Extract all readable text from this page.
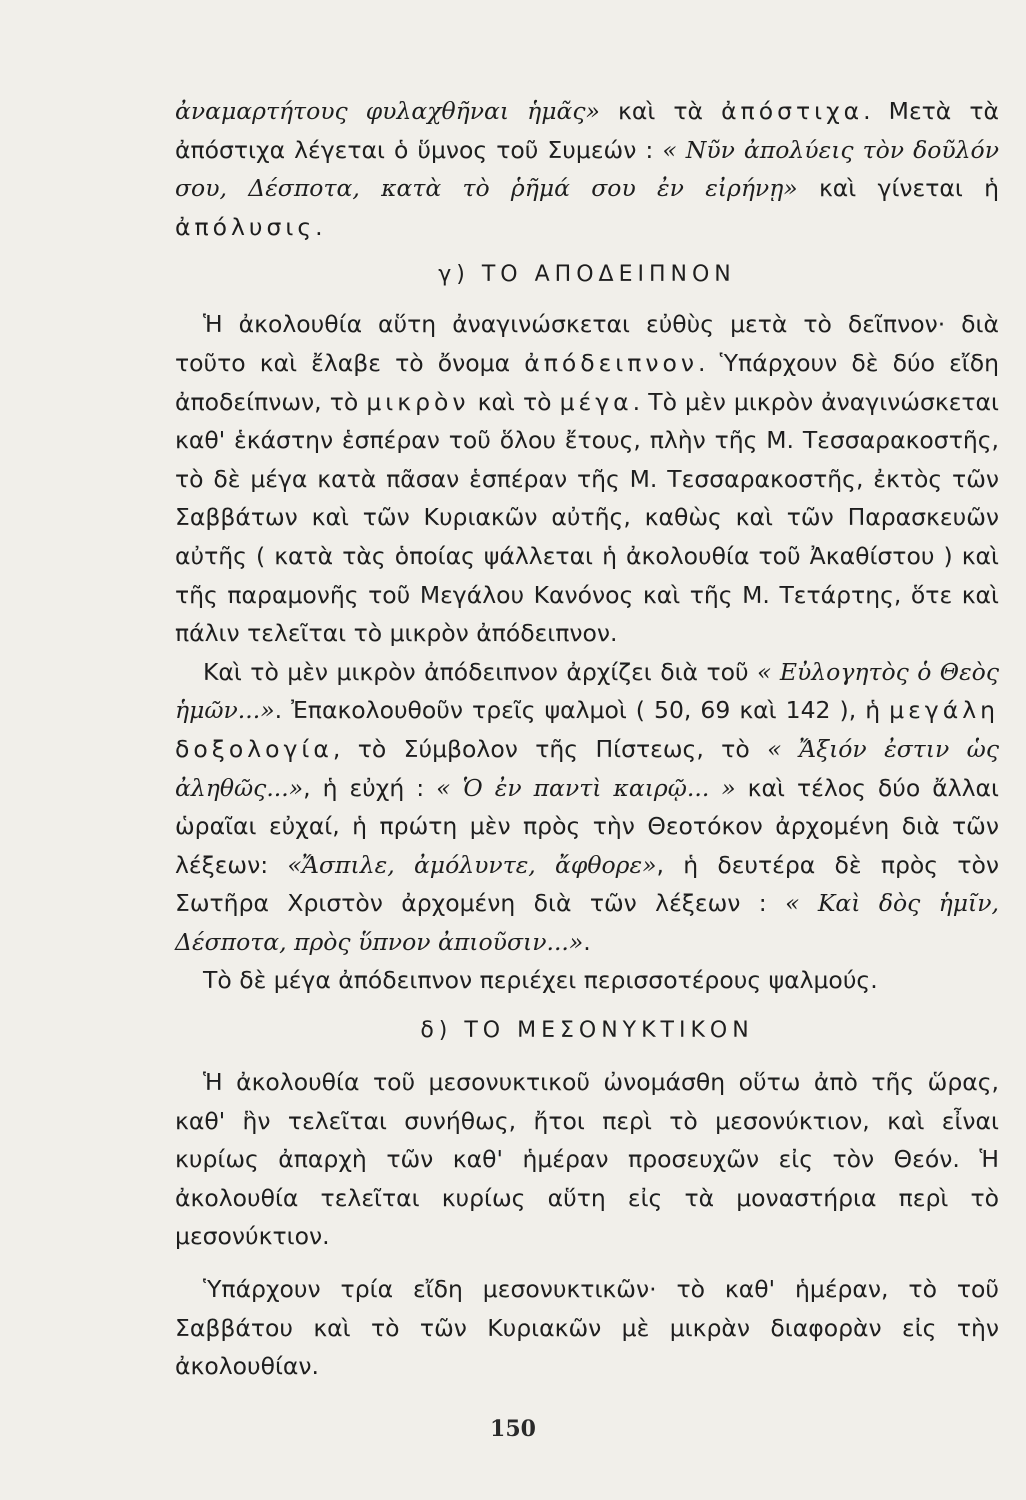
ἀναμαρτήτους φυλαχθῆναι ἡμᾶς» καὶ τὰ ἀπόστιχα. Μετὰ τὰ ἀπόστιχα λέγεται ὁ ὕμνος τοῦ Συμεών : « Νῦν ἀπολύεις τὸν δοῦλόν σου, Δέσποτα, κατὰ τὸ ῥῆμά σου ἐν εἰρήνῃ» καὶ γίνεται ἡ ἀπόλυσις.

γ) ΤΟ ΑΠΟΔΕΙΠΝΟΝ

Ἡ ἀκολουθία αὕτη ἀναγινώσκεται εὐθὺς μετὰ τὸ δεῖπνον· διὰ τοῦτο καὶ ἔλαβε τὸ ὄνομα ἀπόδειπνον. Ὑπάρχουν δὲ δύο εἴδη ἀποδείπνων, τὸ μικρὸν καὶ τὸ μέγα. Τὸ μὲν μικρὸν ἀναγινώσκεται καθ' ἑκάστην ἑσπέραν τοῦ ὅλου ἔτους, πλὴν τῆς Μ. Τεσσαρακοστῆς, τὸ δὲ μέγα κατὰ πᾶσαν ἑσπέραν τῆς Μ. Τεσσαρακοστῆς, ἐκτὸς τῶν Σαββάτων καὶ τῶν Κυριακῶν αὐτῆς, καθὼς καὶ τῶν Παρασκευῶν αὐτῆς ( κατὰ τὰς ὁποίας ψάλλεται ἡ ἀκολουθία τοῦ Ἀκαθίστου ) καὶ τῆς παραμονῆς τοῦ Μεγάλου Κανόνος καὶ τῆς Μ. Τετάρτης, ὅτε καὶ πάλιν τελεῖται τὸ μικρὸν ἀπόδειπνον.

Καὶ τὸ μὲν μικρὸν ἀπόδειπνον ἀρχίζει διὰ τοῦ « Εὐλογητὸς ὁ Θεὸς ἡμῶν...». Ἐπακολουθοῦν τρεῖς ψαλμοὶ ( 50, 69 καὶ 142 ), ἡ μεγάλη δοξολογία, τὸ Σύμβολον τῆς Πίστεως, τὸ « Ἄξιόν ἐστιν ὡς ἀληθῶς...», ἡ εὐχή : « Ὁ ἐν παντὶ καιρῷ... » καὶ τέλος δύο ἄλλαι ὡραῖαι εὐχαί, ἡ πρώτη μὲν πρὸς τὴν Θεοτόκον ἀρχομένη διὰ τῶν λέξεων: «Ἄσπιλε, ἀμόλυντε, ἄφθορε», ἡ δευτέρα δὲ πρὸς τὸν Σωτῆρα Χριστὸν ἀρχομένη διὰ τῶν λέξεων : « Καὶ δὸς ἡμῖν, Δέσποτα, πρὸς ὕπνον ἀπιοῦσιν...».

Τὸ δὲ μέγα ἀπόδειπνον περιέχει περισσοτέρους ψαλμούς.

δ) ΤΟ ΜΕΣΟΝΥΚΤΙΚΟΝ

Ἡ ἀκολουθία τοῦ μεσονυκτικοῦ ὠνομάσθη οὕτω ἀπὸ τῆς ὥρας, καθ' ἣν τελεῖται συνήθως, ἤτοι περὶ τὸ μεσονύκτιον, καὶ εἶναι κυρίως ἀπαρχὴ τῶν καθ' ἡμέραν προσευχῶν εἰς τὸν Θεόν. Ἡ ἀκολουθία τελεῖται κυρίως αὕτη εἰς τὰ μοναστήρια περὶ τὸ μεσονύκτιον.

Ὑπάρχουν τρία εἴδη μεσονυκτικῶν· τὸ καθ' ἡμέραν, τὸ τοῦ Σαββάτου καὶ τὸ τῶν Κυριακῶν μὲ μικρὰν διαφορὰν εἰς τὴν ἀκολουθίαν.

150
